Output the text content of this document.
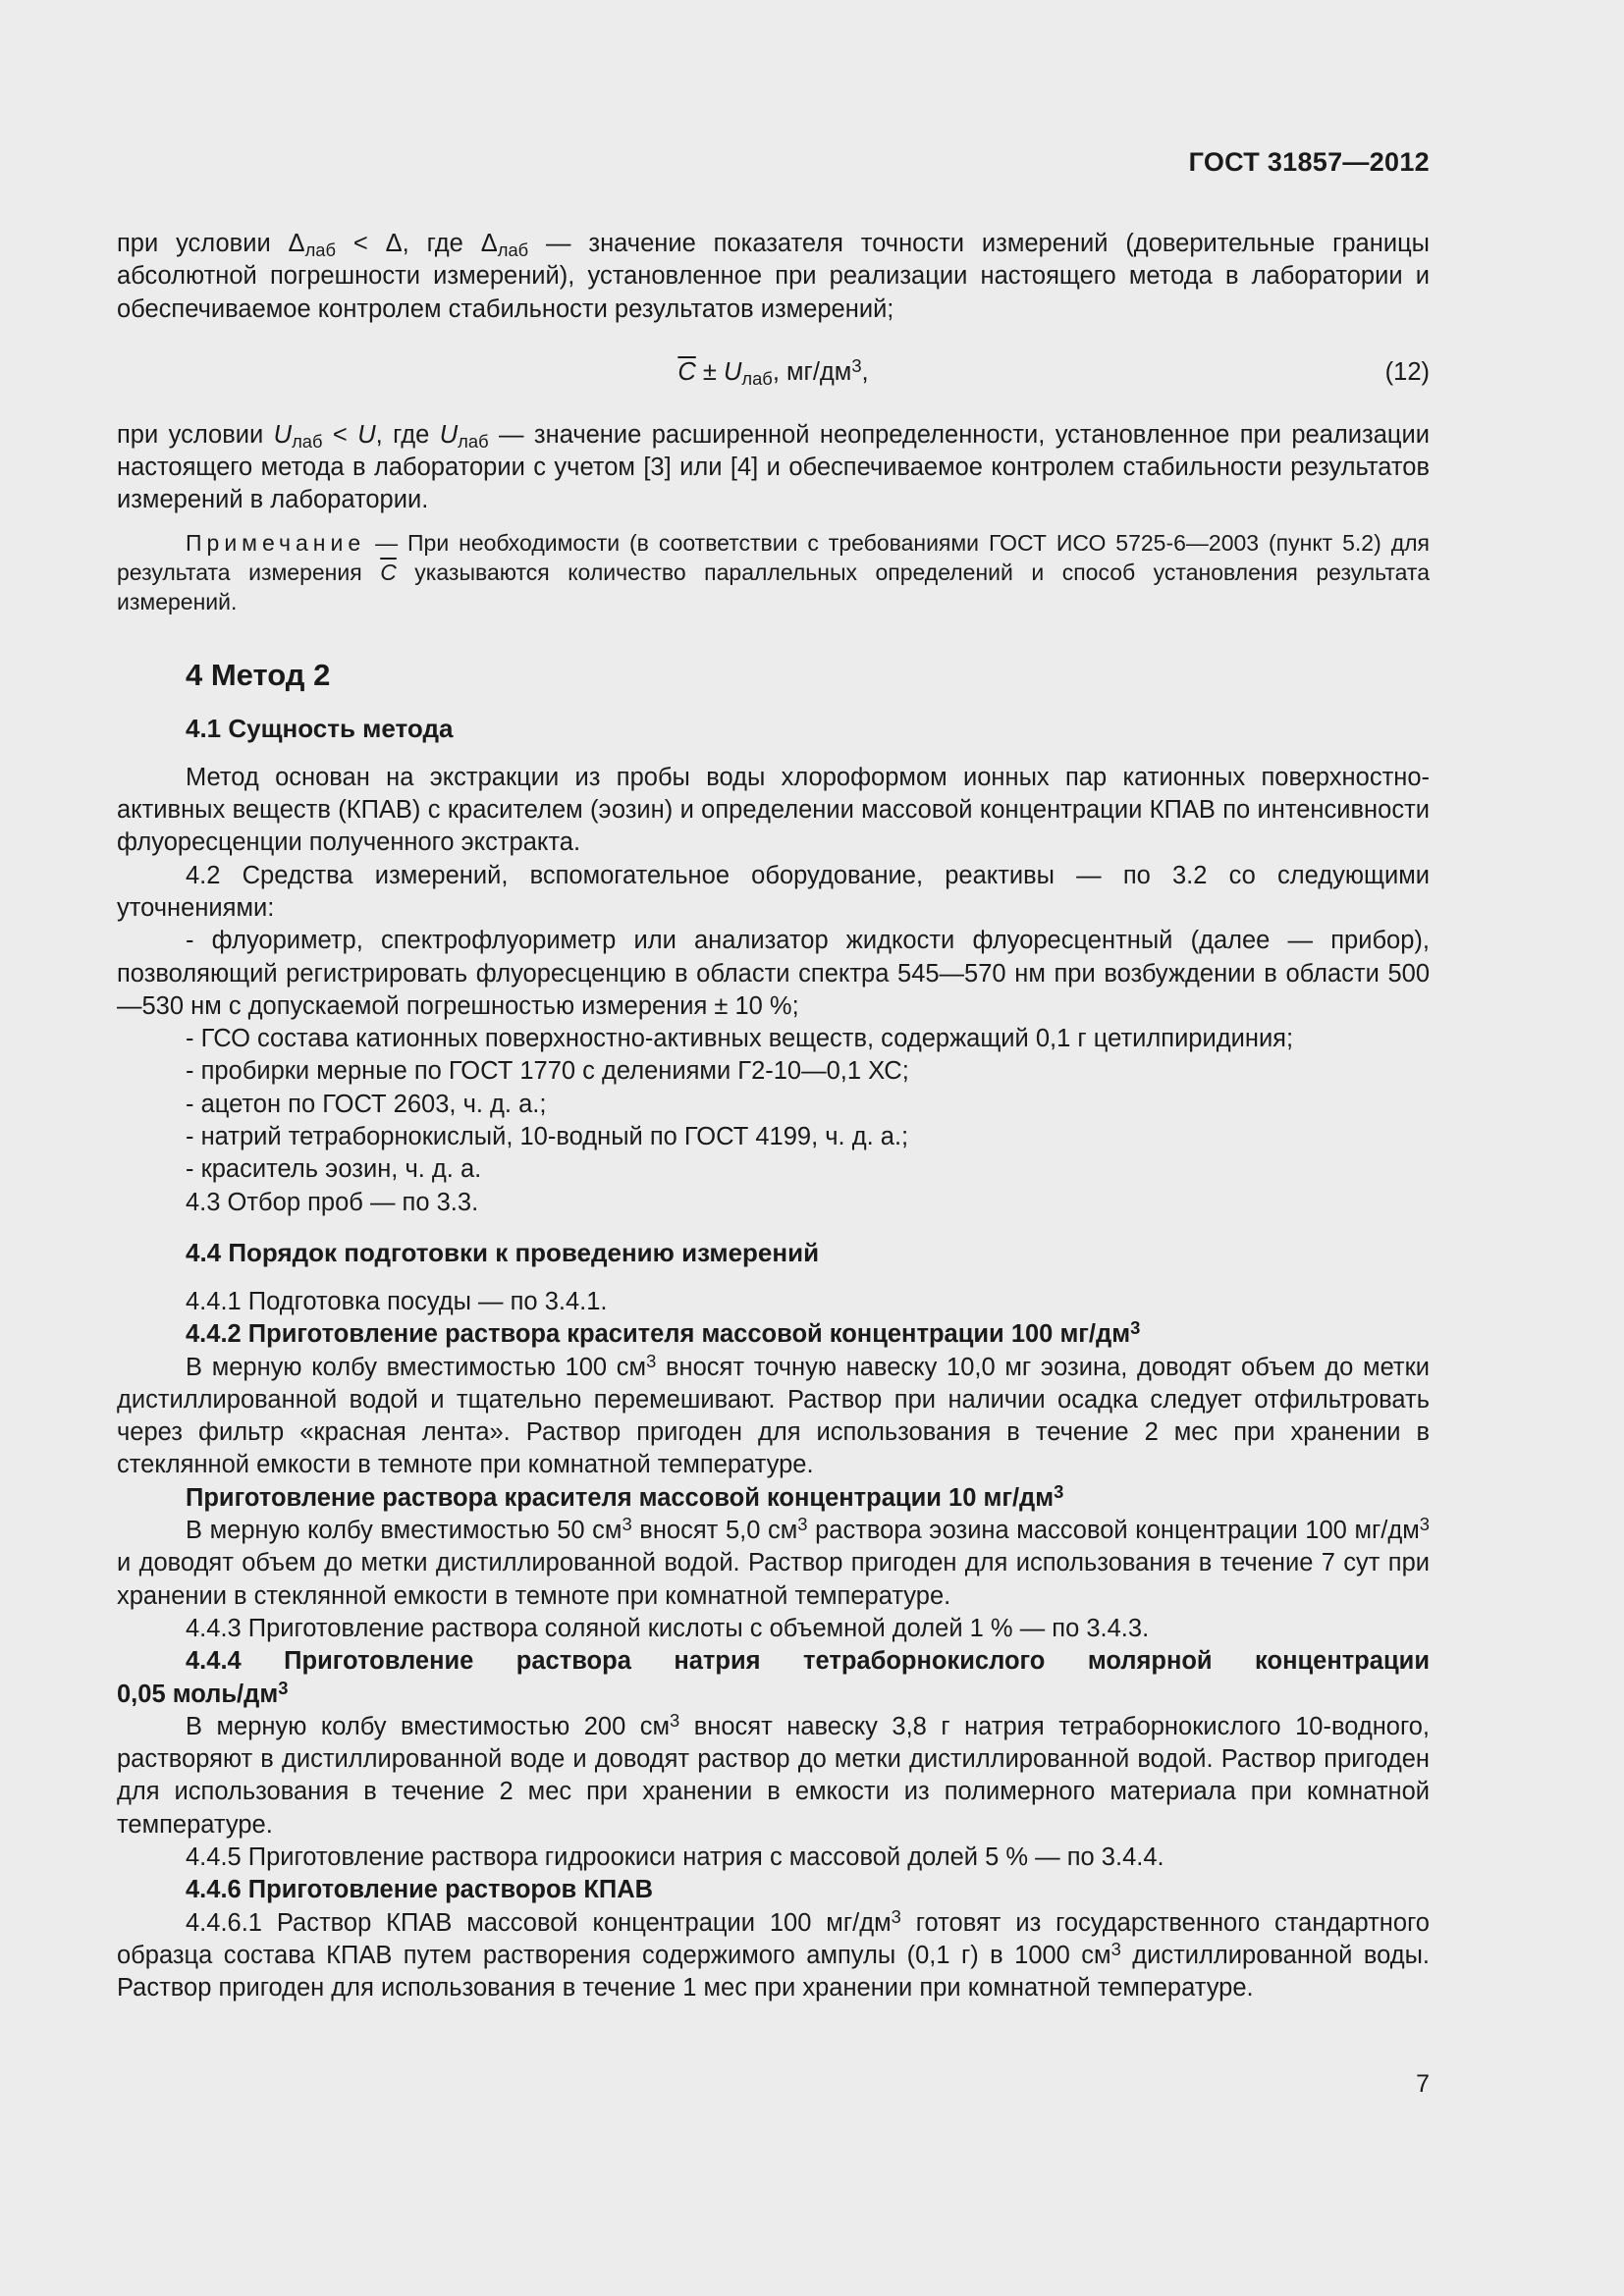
ГОСТ 31857—2012

при условии $\Delta_{лаб} < \Delta$, где $\Delta_{лаб}$ — значение показателя точности измерений (доверительные границы абсолютной погрешности измерений), установленное при реализации настоящего метода в лаборатории и обеспечиваемое контролем стабильности результатов измерений;

$\overline{C} \pm U_{лаб}$, $мг/дм^3$,	(12)

при условии $U_{лаб} < U$, где $U_{лаб}$ — значение расширенной неопределенности, установленное при реализации настоящего метода в лаборатории с учетом [3] или [4] и обеспечиваемое контролем стабильности результатов измерений в лаборатории.

Примечание — При необходимости (в соответствии с требованиями ГОСТ ИСО 5725-6—2003 (пункт 5.2) для результата измерения $\overline{C}$ указываются количество параллельных определений и способ установления результата измерений.

4 Метод 2
4.1 Сущность метода

Метод основан на экстракции из пробы воды хлороформом ионных пар катионных поверхностно-активных веществ (КПАВ) с красителем (эозин) и определении массовой концентрации КПАВ по интенсивности флуоресценции полученного экстракта.

4.2 Средства измерений, вспомогательное оборудование, реактивы — по 3.2 со следующими уточнениями:

- флуориметр, спектрофлуориметр или анализатор жидкости флуоресцентный (далее — прибор), позволяющий регистрировать флуоресценцию в области спектра 545—570 нм при возбуждении в области 500—530 нм с допускаемой погрешностью измерения ± 10 %;

- ГСО состава катионных поверхностно-активных веществ, содержащий 0,1 г цетилпиридиния;

- пробирки мерные по ГОСТ 1770 с делениями Г2-10—0,1 ХС;

- ацетон по ГОСТ 2603, ч. д. а.;

- натрий тетраборнокислый, 10-водный по ГОСТ 4199, ч. д. а.;

- краситель эозин, ч. д. а.

4.3 Отбор проб — по 3.3.

4.4 Порядок подготовки к проведению измерений

4.4.1 Подготовка посуды — по 3.4.1.

4.4.2 Приготовление раствора красителя массовой концентрации 100 $мг/дм^3$

В мерную колбу вместимостью 100 $см^3$ вносят точную навеску 10,0 мг эозина, доводят объем до метки дистиллированной водой и тщательно перемешивают. Раствор при наличии осадка следует отфильтровать через фильтр «красная лента». Раствор пригоден для использования в течение 2 мес при хранении в стеклянной емкости в темноте при комнатной температуре.

Приготовление раствора красителя массовой концентрации 10 $мг/дм^3$

В мерную колбу вместимостью 50 $см^3$ вносят 5,0 $см^3$ раствора эозина массовой концентрации 100 $мг/дм^3$ и доводят объем до метки дистиллированной водой. Раствор пригоден для использования в течение 7 сут при хранении в стеклянной емкости в темноте при комнатной температуре.

4.4.3 Приготовление раствора соляной кислоты с объемной долей 1 % — по 3.4.3.

4.4.4 Приготовление раствора натрия тетраборнокислого молярной концентрации

0,05 моль/$дм^3$

В мерную колбу вместимостью 200 $см^3$ вносят навеску 3,8 г натрия тетраборнокислого 10-водного, растворяют в дистиллированной воде и доводят раствор до метки дистиллированной водой. Раствор пригоден для использования в течение 2 мес при хранении в емкости из полимерного материала при комнатной температуре.

4.4.5 Приготовление раствора гидроокиси натрия с массовой долей 5 % — по 3.4.4.

4.4.6 Приготовление растворов КПАВ

4.4.6.1 Раствор КПАВ массовой концентрации 100 $мг/дм^3$ готовят из государственного стандартного образца состава КПАВ путем растворения содержимого ампулы (0,1 г) в 1000 $см^3$ дистиллированной воды. Раствор пригоден для использования в течение 1 мес при хранении при комнатной температуре.

7
